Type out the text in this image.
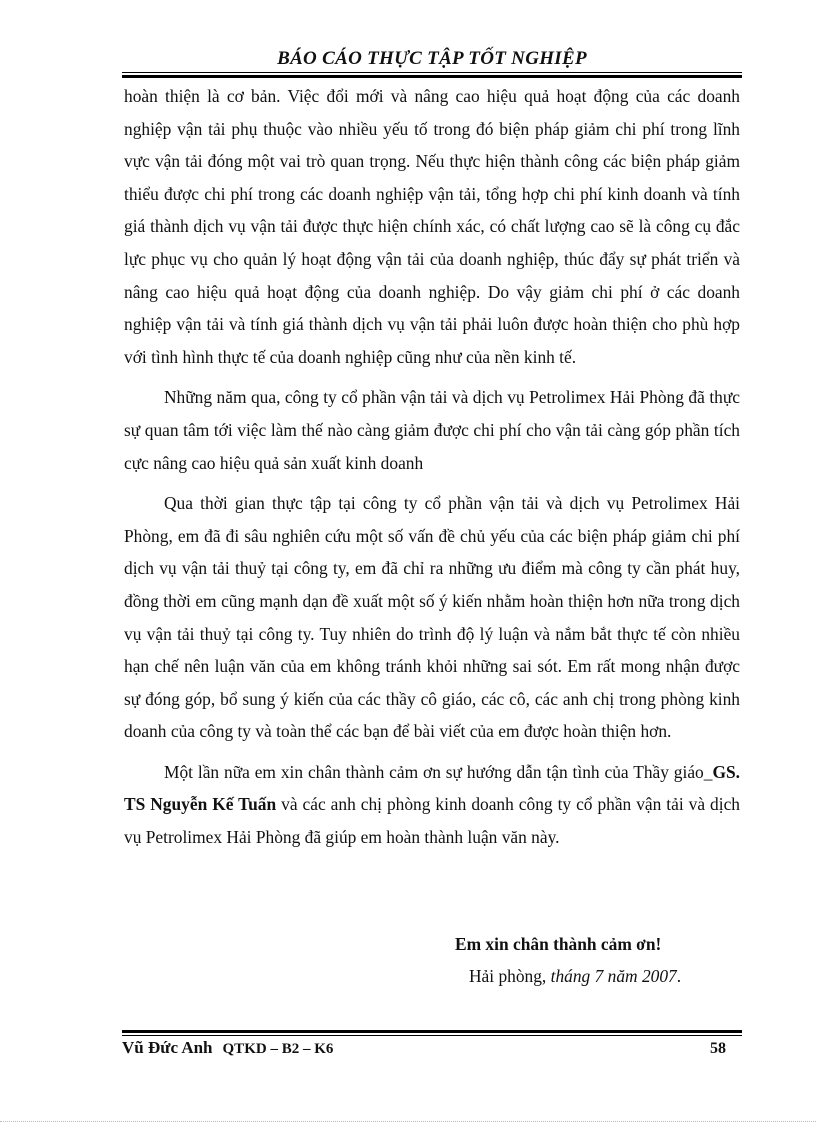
BÁO CÁO THỰC TẬP TỐT NGHIỆP

hoàn thiện là cơ bản. Việc đổi mới và nâng cao hiệu quả hoạt động của các doanh nghiệp vận tải phụ thuộc vào nhiều yếu tố trong đó biện pháp giảm chi phí trong lĩnh vực vận tải đóng một vai trò quan trọng. Nếu thực hiện thành công các biện pháp giảm thiểu được chi phí trong các doanh nghiệp vận tải, tổng hợp chi phí kinh doanh và tính giá thành dịch vụ vận tải được thực hiện chính xác, có chất lượng cao sẽ là công cụ đắc lực phục vụ cho quản lý hoạt động vận tải của doanh nghiệp, thúc đẩy sự phát triển và nâng cao hiệu quả hoạt động của doanh nghiệp. Do vậy giảm chi phí ở các doanh nghiệp vận tải và tính giá thành dịch vụ vận tải phải luôn được hoàn thiện cho phù hợp với tình hình thực tế của doanh nghiệp cũng như của nền kinh tế.

Những năm qua, công ty cổ phần vận tải và dịch vụ Petrolimex Hải Phòng đã thực sự quan tâm tới việc làm thế nào càng giảm được chi phí cho vận tải càng góp phần tích cực nâng cao hiệu quả sản xuất kinh doanh

Qua thời gian thực tập tại công ty cổ phần vận tải và dịch vụ Petrolimex Hải Phòng, em đã đi sâu nghiên cứu một số vấn đề chủ yếu của các biện pháp giảm chi phí dịch vụ vận tải thuỷ tại công ty, em đã chỉ ra những ưu điểm mà công ty cần phát huy, đồng thời em cũng mạnh dạn đề xuất một số ý kiến nhằm hoàn thiện hơn nữa trong dịch vụ vận tải thuỷ tại công ty. Tuy nhiên do trình độ lý luận và nắm bắt thực tế còn nhiều hạn chế nên luận văn của em không tránh khỏi những sai sót. Em rất mong nhận được sự đóng góp, bổ sung ý kiến của các thầy cô giáo, các cô, các anh chị trong phòng kinh doanh của công ty và toàn thể các bạn để bài viết của em được hoàn thiện hơn.

Một lần nữa em xin chân thành cảm ơn sự hướng dẫn tận tình của Thầy giáo_GS. TS Nguyễn Kế Tuấn và các anh chị phòng kinh doanh công ty cổ phần vận tải và dịch vụ Petrolimex Hải Phòng đã giúp em hoàn thành luận văn này.

Em xin chân thành cảm ơn!
Hải phòng, tháng 7 năm 2007.
Vũ Đức Anh QTKD – B2 – K6	58
